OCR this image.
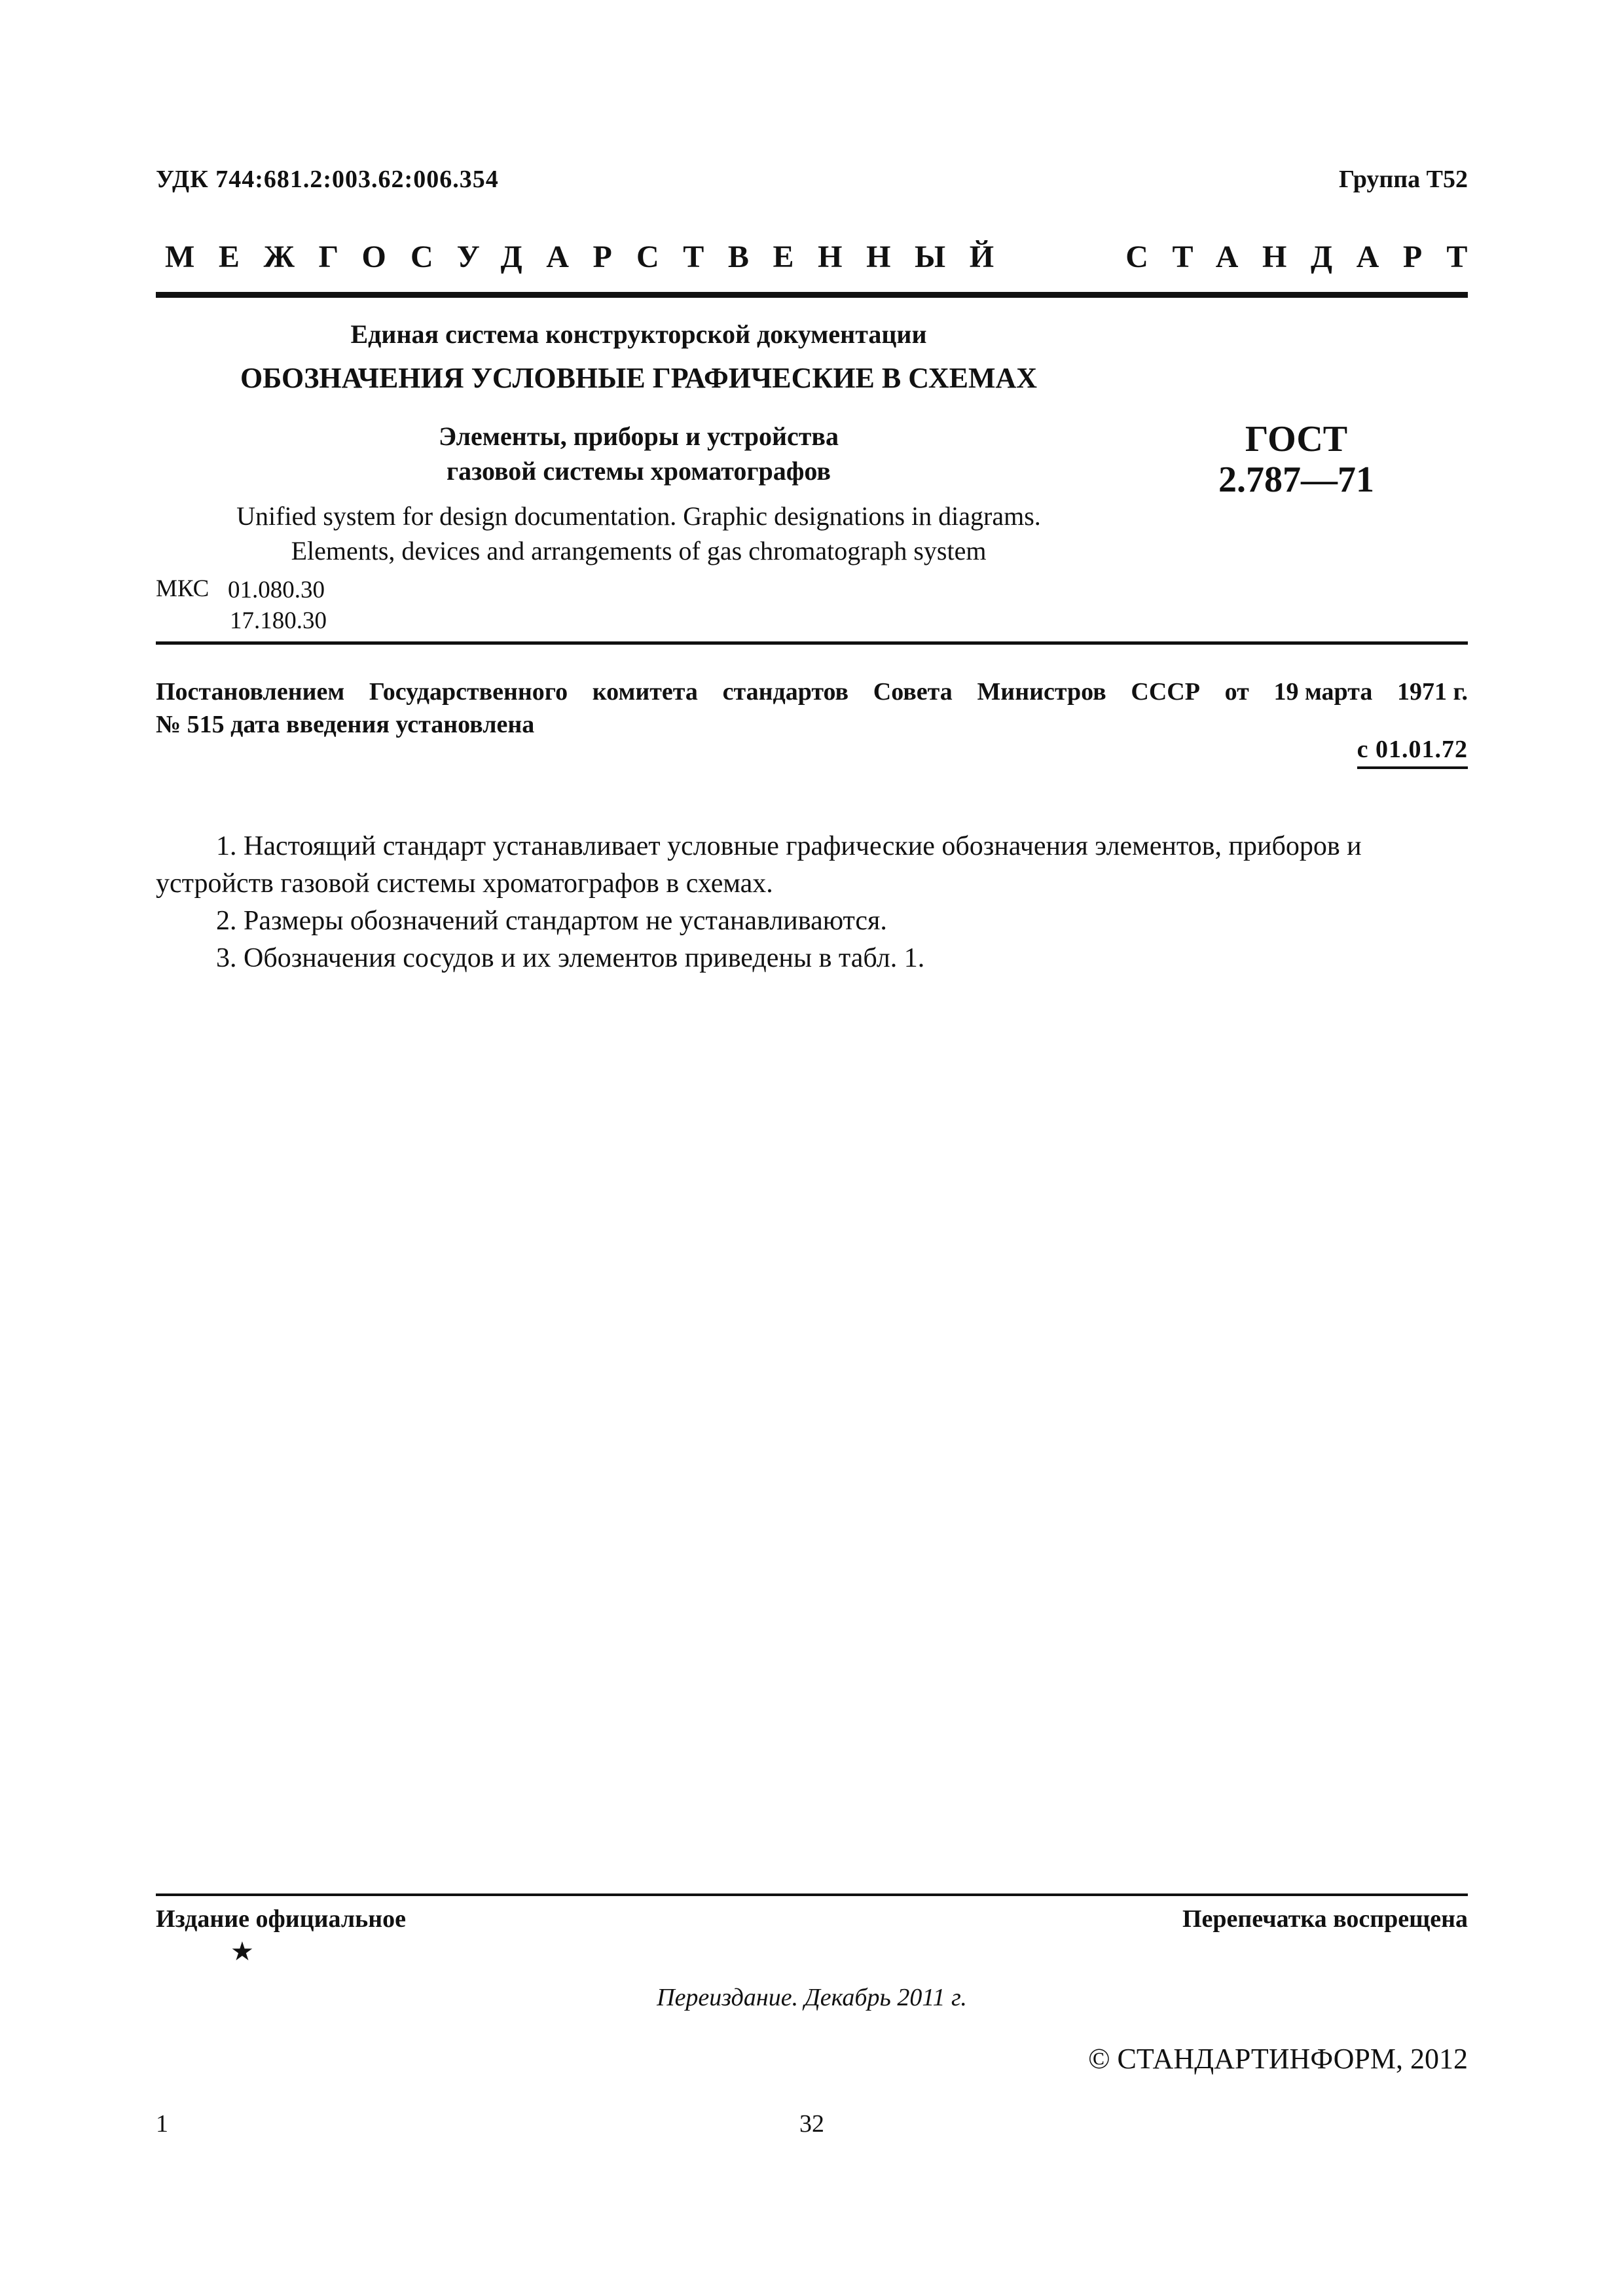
УДК 744:681.2:003.62:006.354	Группа Т52
МЕЖГОСУДАРСТВЕННЫЙ	СТАНДАРТ
Единая система конструкторской документации
ОБОЗНАЧЕНИЯ УСЛОВНЫЕ ГРАФИЧЕСКИЕ В СХЕМАХ
Элементы, приборы и устройства
газовой системы хроматографов
ГОСТ
2.787—71
Unified system for design documentation. Graphic designations in diagrams.
Elements, devices and arrangements of gas chromatograph system
МКС 01.080.30
17.180.30
Постановлением Государственного комитета стандартов Совета Министров СССР от 19 марта 1971 г.
№ 515 дата введения установлена
с 01.01.72

1. Настоящий стандарт устанавливает условные графические обозначения элементов, приборов и устройств газовой системы хроматографов в схемах.

2. Размеры обозначений стандартом не устанавливаются.

3. Обозначения сосудов и их элементов приведены в табл. 1.

Издание официальное
★
Перепечатка воспрещена
Переиздание. Декабрь 2011 г.
© СТАНДАРТИНФОРМ, 2012
1	32
